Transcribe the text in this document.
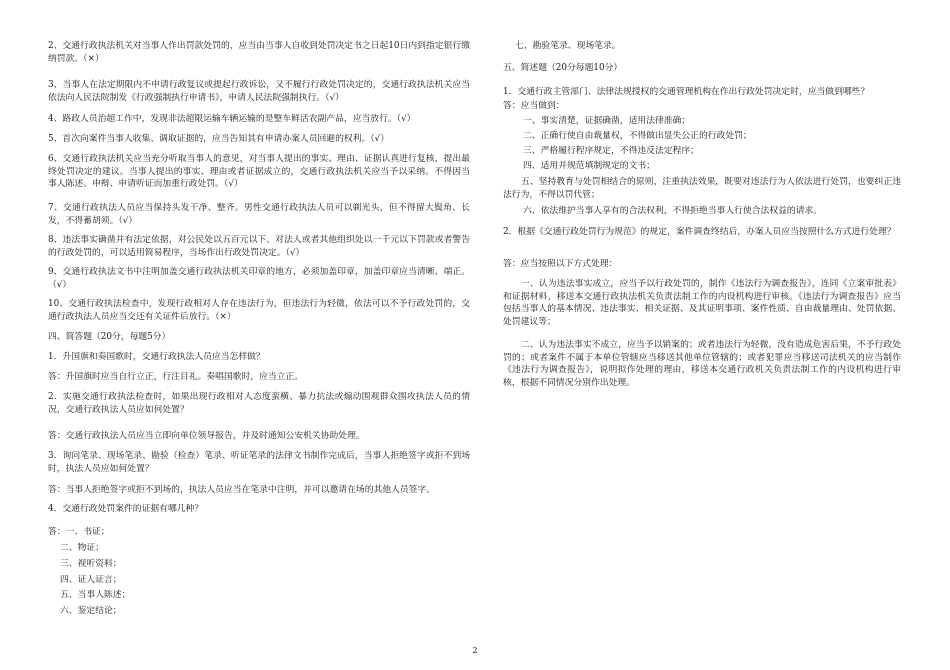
2、交通行政执法机关对当事人作出罚款处罚的，应当由当事人自收到处罚决定书之日起10日内到指定银行缴纳罚款。（×）

3、当事人在法定期限内不申请行政复议或提起行政诉讼，又不履行行政处罚决定的，交通行政执法机关应当依法向人民法院制发《行政强制执行申请书》，申请人民法院强制执行。（√）

4、路政人员治超工作中，发现非法超限运输车辆运输的是整车鲜活农副产品，应当放行。（√）

5、首次向案件当事人收集、调取证据的，应当告知其有申请办案人员回避的权利。（√）

6、交通行政执法机关应当充分听取当事人的意见，对当事人提出的事实、理由、证据认真进行复核，提出最终处罚决定的建议。当事人提出的事实、理由或者证据成立的，交通行政执法机关应当予以采纳。不得因当事人陈述、申辩、申请听证而加重行政处罚。（√）

7、交通行政执法人员应当保持头发干净、整齐。男性交通行政执法人员可以剃光头，但不得留大鬓角、长发，不得蓄胡须。（√）

8、违法事实确凿并有法定依据，对公民处以五百元以下、对法人或者其他组织处以一千元以下罚款或者警告的行政处罚的，可以适用简易程序，当场作出行政处罚决定。（√）

9、交通行政执法文书中注明加盖交通行政执法机关印章的地方，必须加盖印章，加盖印章应当清晰、端正。（√）

10、交通行政执法检查中，发现行政相对人存在违法行为，但违法行为轻微，依法可以不予行政处罚的，交通行政执法人员应当交还有关证件后放行。（×）

四、简答题（20分，每题5分）

1．升国旗和奏国歌时，交通行政执法人员应当怎样做？

答：升国旗时应当自行立正，行注目礼。奏唱国歌时，应当立正。

2．实施交通行政执法检查时，如果出现行政相对人态度蛮横、暴力抗法或煽动围观群众围攻执法人员的情况，交通行政执法人员应如何处置？

答：交通行政执法人员应当立即向单位领导报告，并及时通知公安机关协助处理。

3．询问笔录、现场笔录、勘验（检查）笔录、听证笔录的法律文书制作完成后，当事人拒绝签字或拒不到场时，执法人员应如何处置？

答：当事人拒绝签字或拒不到场的，执法人员应当在笔录中注明，并可以邀请在场的其他人员签字。

4．交通行政处罚案件的证据有哪几种？

答：一、书证；

二、物证；

三、视听资料；

四、证人证言；

五、当事人陈述；

六、鉴定结论；

七、勘验笔录、现场笔录。

五、简述题（20分每题10分）

1．交通行政主管部门、法律法规授权的交通管理机构在作出行政处罚决定时，应当做到哪些？

答：应当做到：

一、事实清楚，证据确凿，适用法律准确；

二、正确行使自由裁量权，不得做出显失公正的行政处罚；

三、严格履行程序规定，不得违反法定程序；

四、适用并规范填制规定的文书；

五、坚持教育与处罚相结合的原则，注重执法效果，既要对违法行为人依法进行处罚，也要纠正违法行为，不得以罚代管；

六、依法维护当事人享有的合法权利，不得拒绝当事人行使合法权益的请求。

2．根据《交通行政处罚行为规范》的规定，案件调查终结后，办案人员应当按照什么方式进行处理？

答：应当按照以下方式处理：

一、认为违法事实成立，应当予以行政处罚的，制作《违法行为调查报告》，连同《立案审批表》和证据材料，移送本交通行政执法机关负责法制工作的内设机构进行审核。《违法行为调查报告》应当包括当事人的基本情况、违法事实、相关证据、及其证明事项、案件性质、自由裁量理由、处罚依据、处罚建议等；

二、认为违法事实不成立，应当予以销案的；或者违法行为轻微，没有造成危害后果，不予行政处罚的；或者案件不属于本单位管辖应当移送其他单位管辖的；或者犯罪应当移送司法机关的应当制作《违法行为调查报告》，说明拟作处理的理由，移送本交通行政机关负责法制工作的内设机构进行审核，根据不同情况分别作出处理。

2
